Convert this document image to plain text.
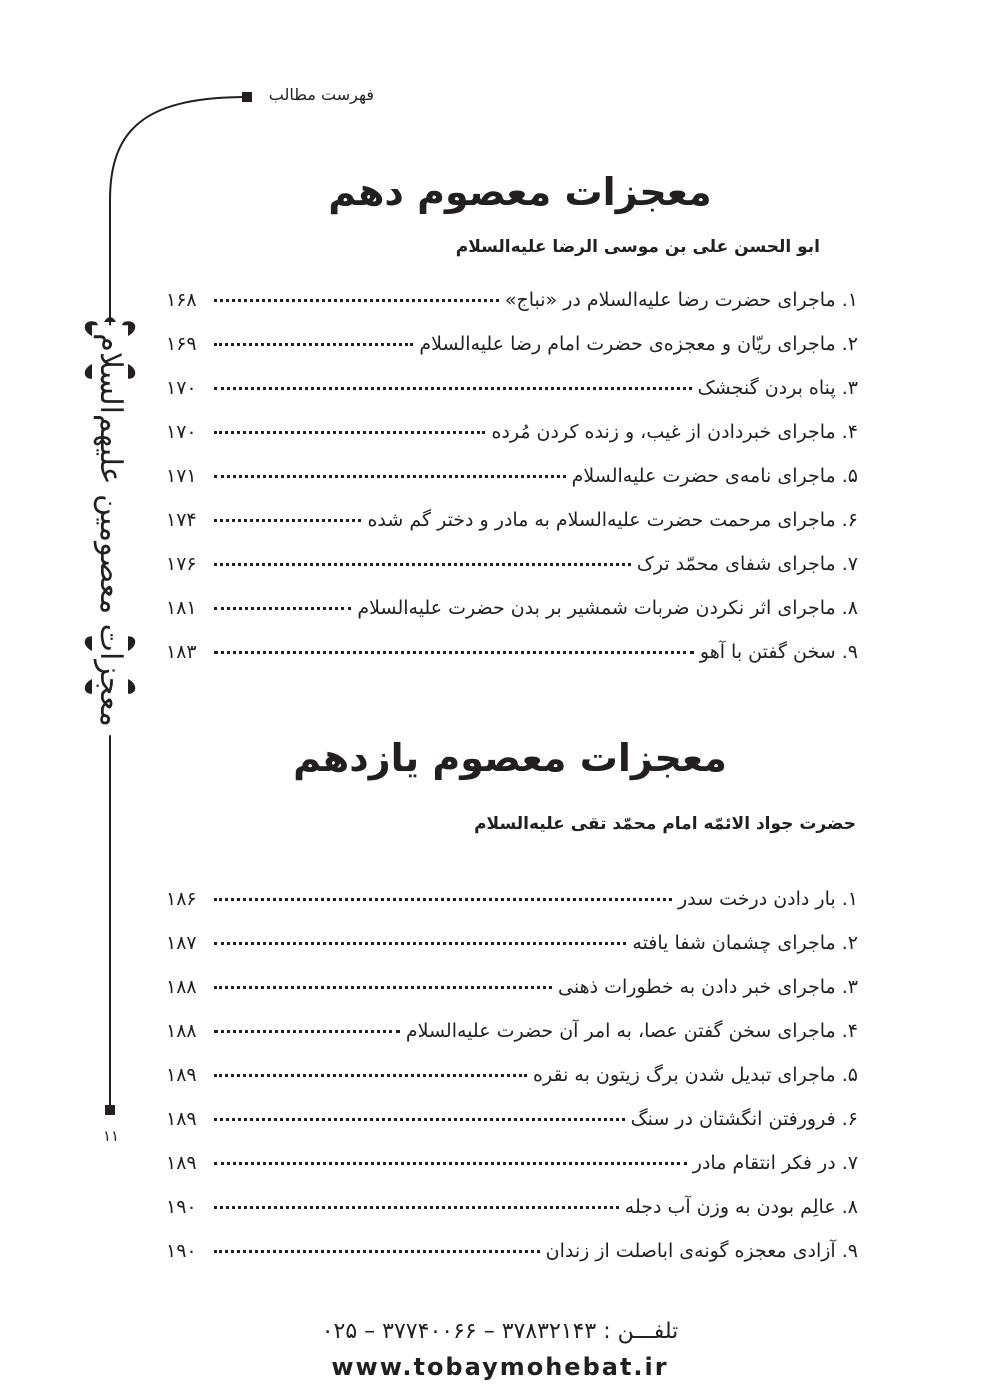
فهرست مطالب
معجزات معصومین علیهم‌السلام
۱۱
معجزات معصوم دهم
ابو الحسن علی بن موسی الرضا علیه‌السلام
۱.

ماجرای حضرت رضا علیه‌السلام در «نباج»
۱۶۸
۲.

ماجرای ریّان و معجزه‌ی حضرت امام رضا علیه‌السلام
۱۶۹
۳.

پناه بردن گنجشک
۱۷۰
۴.

ماجرای خبردادن از غیب، و زنده کردن مُرده
۱۷۰
۵.

ماجرای نامه‌ی حضرت علیه‌السلام
۱۷۱
۶.

ماجرای مرحمت حضرت علیه‌السلام به مادر و دختر گم شده
۱۷۴
۷.

ماجرای شفای محمّد ترک
۱۷۶
۸.

ماجرای اثر نکردن ضربات شمشیر بر بدن حضرت علیه‌السلام
۱۸۱
۹.

سخن گفتن با آهو
۱۸۳
معجزات معصوم یازدهم
حضرت جواد الائمّه امام محمّد تقی علیه‌السلام
۱.

بار دادن درخت سدر
۱۸۶
۲.

ماجرای چشمان شفا یافته
۱۸۷
۳.

ماجرای خبر دادن به خطورات ذهنی
۱۸۸
۴.

ماجرای سخن گفتن عصا، به امر آن حضرت علیه‌السلام
۱۸۸
۵.

ماجرای تبدیل شدن برگ زیتون به نقره
۱۸۹
۶.

فرورفتن انگشتان در سنگ
۱۸۹
۷.

در فکر انتقام مادر
۱۸۹
۸.

عالِم بودن به وزن آب دجله
۱۹۰
۹.

آزادی معجزه گونه‌ی اباصلت از زندان
۱۹۰
تلفـــن : ۳۷۸۳۲۱۴۳ – ۳۷۷۴۰۰۶۶ – ۰۲۵
www.tobaymohebat.ir
